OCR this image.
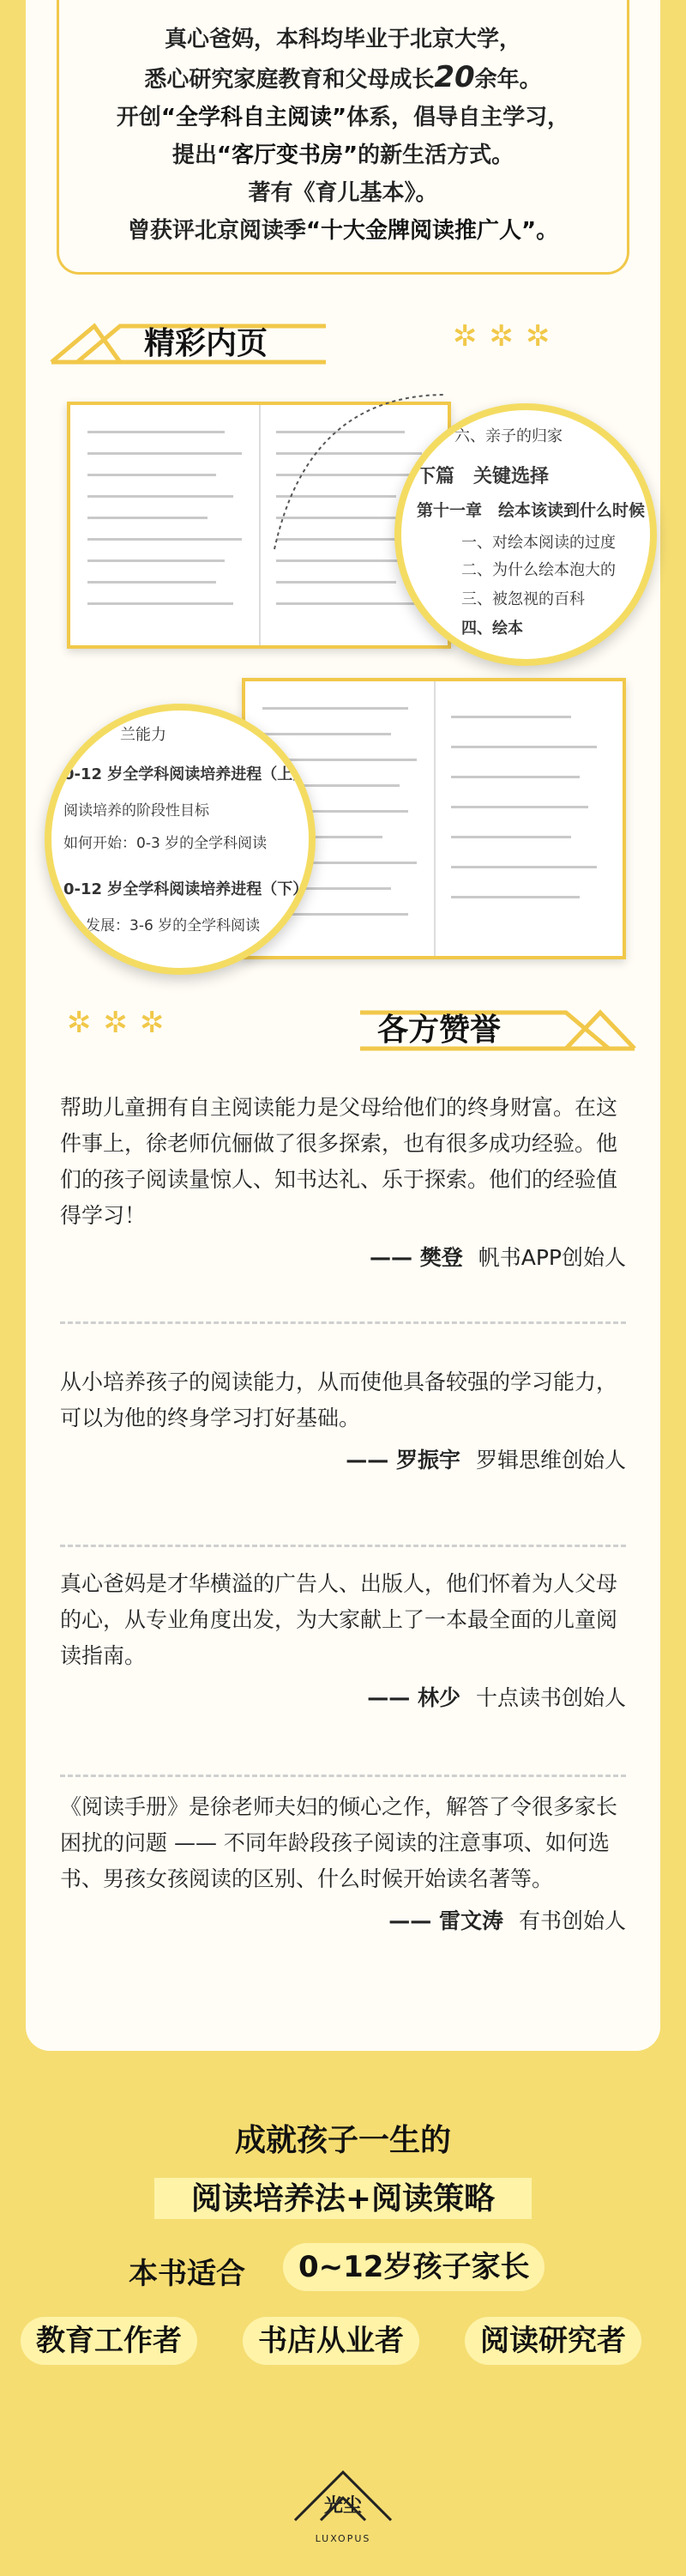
真心爸妈，本科均毕业于北京大学，

悉心研究家庭教育和父母成长20余年。

开创“全学科自主阅读”体系，倡导自主学习，

提出“客厅变书房”的新生活方式。

著有《育儿基本》。

曾获评北京阅读季“十大金牌阅读推广人”。

精彩内页	✲✲✲

六、亲子的归家

下篇　关键选择

第十一章　绘本该读到什么时候

一、对绘本阅读的过度

二、为什么绘本泡大的

三、被忽视的百科

四、绘本

兰能力

0-12 岁全学科阅读培养进程（上）

阅读培养的阶段性目标

如何开始：0-3 岁的全学科阅读

0-12 岁全学科阅读培养进程（下）

发展：3-6 岁的全学科阅读

✲✲✲	各方赞誉

帮助儿童拥有自主阅读能力是父母给他们的终身财富。在这件事上，徐老师伉俪做了很多探索，也有很多成功经验。他们的孩子阅读量惊人、知书达礼、乐于探索。他们的经验值得学习！

—— 樊登 帆书APP创始人

从小培养孩子的阅读能力，从而使他具备较强的学习能力，可以为他的终身学习打好基础。

—— 罗振宇 罗辑思维创始人

真心爸妈是才华横溢的广告人、出版人，他们怀着为人父母的心，从专业角度出发，为大家献上了一本最全面的儿童阅读指南。

—— 林少 十点读书创始人

《阅读手册》是徐老师夫妇的倾心之作，解答了令很多家长困扰的问题 —— 不同年龄段孩子阅读的注意事项、如何选书、男孩女孩阅读的区别、什么时候开始读名著等。

—— 雷文涛 有书创始人
成就孩子一生的
阅读培养法+阅读策略
本书适合	0~12岁孩子家长
教育工作者	书店从业者	阅读研究者
光尘
LUXOPUS
